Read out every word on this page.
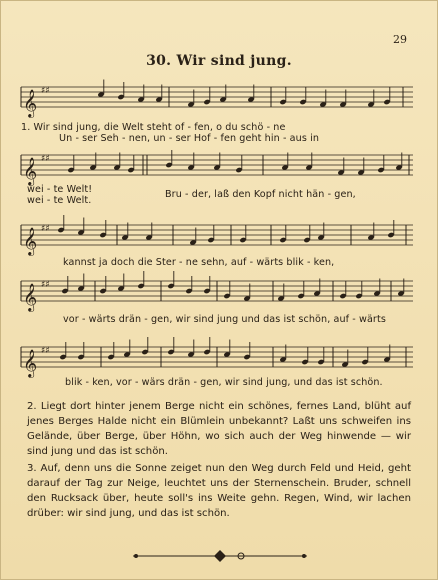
29
30. Wir sind jung.
𝄞 ♯♯
1. Wir sind jung, die Welt steht of - fen, o du schö - ne
Un - ser Seh - nen, un - ser Hof - fen geht hin - aus in
𝄞 ♯♯
wei - te Welt!
wei - te Welt.
Bru - der, laß den Kopf nicht hän - gen,
𝄞 ♯♯
kannst ja doch die Ster - ne sehn, auf - wärts blik - ken,
𝄞 ♯♯
vor - wärts drän - gen, wir sind jung und das ist schön, auf - wärts
𝄞 ♯♯
blik - ken, vor - wärs drän - gen, wir sind jung, und das ist schön.
2. Liegt dort hinter jenem Berge nicht ein schönes, fernes Land, blüht auf jenes Berges Halde nicht ein Blümlein unbekannt? Laßt uns schweifen ins Gelände, über Berge, über Höhn, wo sich auch der Weg hinwende — wir sind jung und das ist schön.
3. Auf, denn uns die Sonne zeiget nun den Weg durch Feld und Heid, geht darauf der Tag zur Neige, leuchtet uns der Sternenschein. Bruder, schnell den Rucksack über, heute soll's ins Weite gehn. Regen, Wind, wir lachen drüber: wir sind jung, und das ist schön.
